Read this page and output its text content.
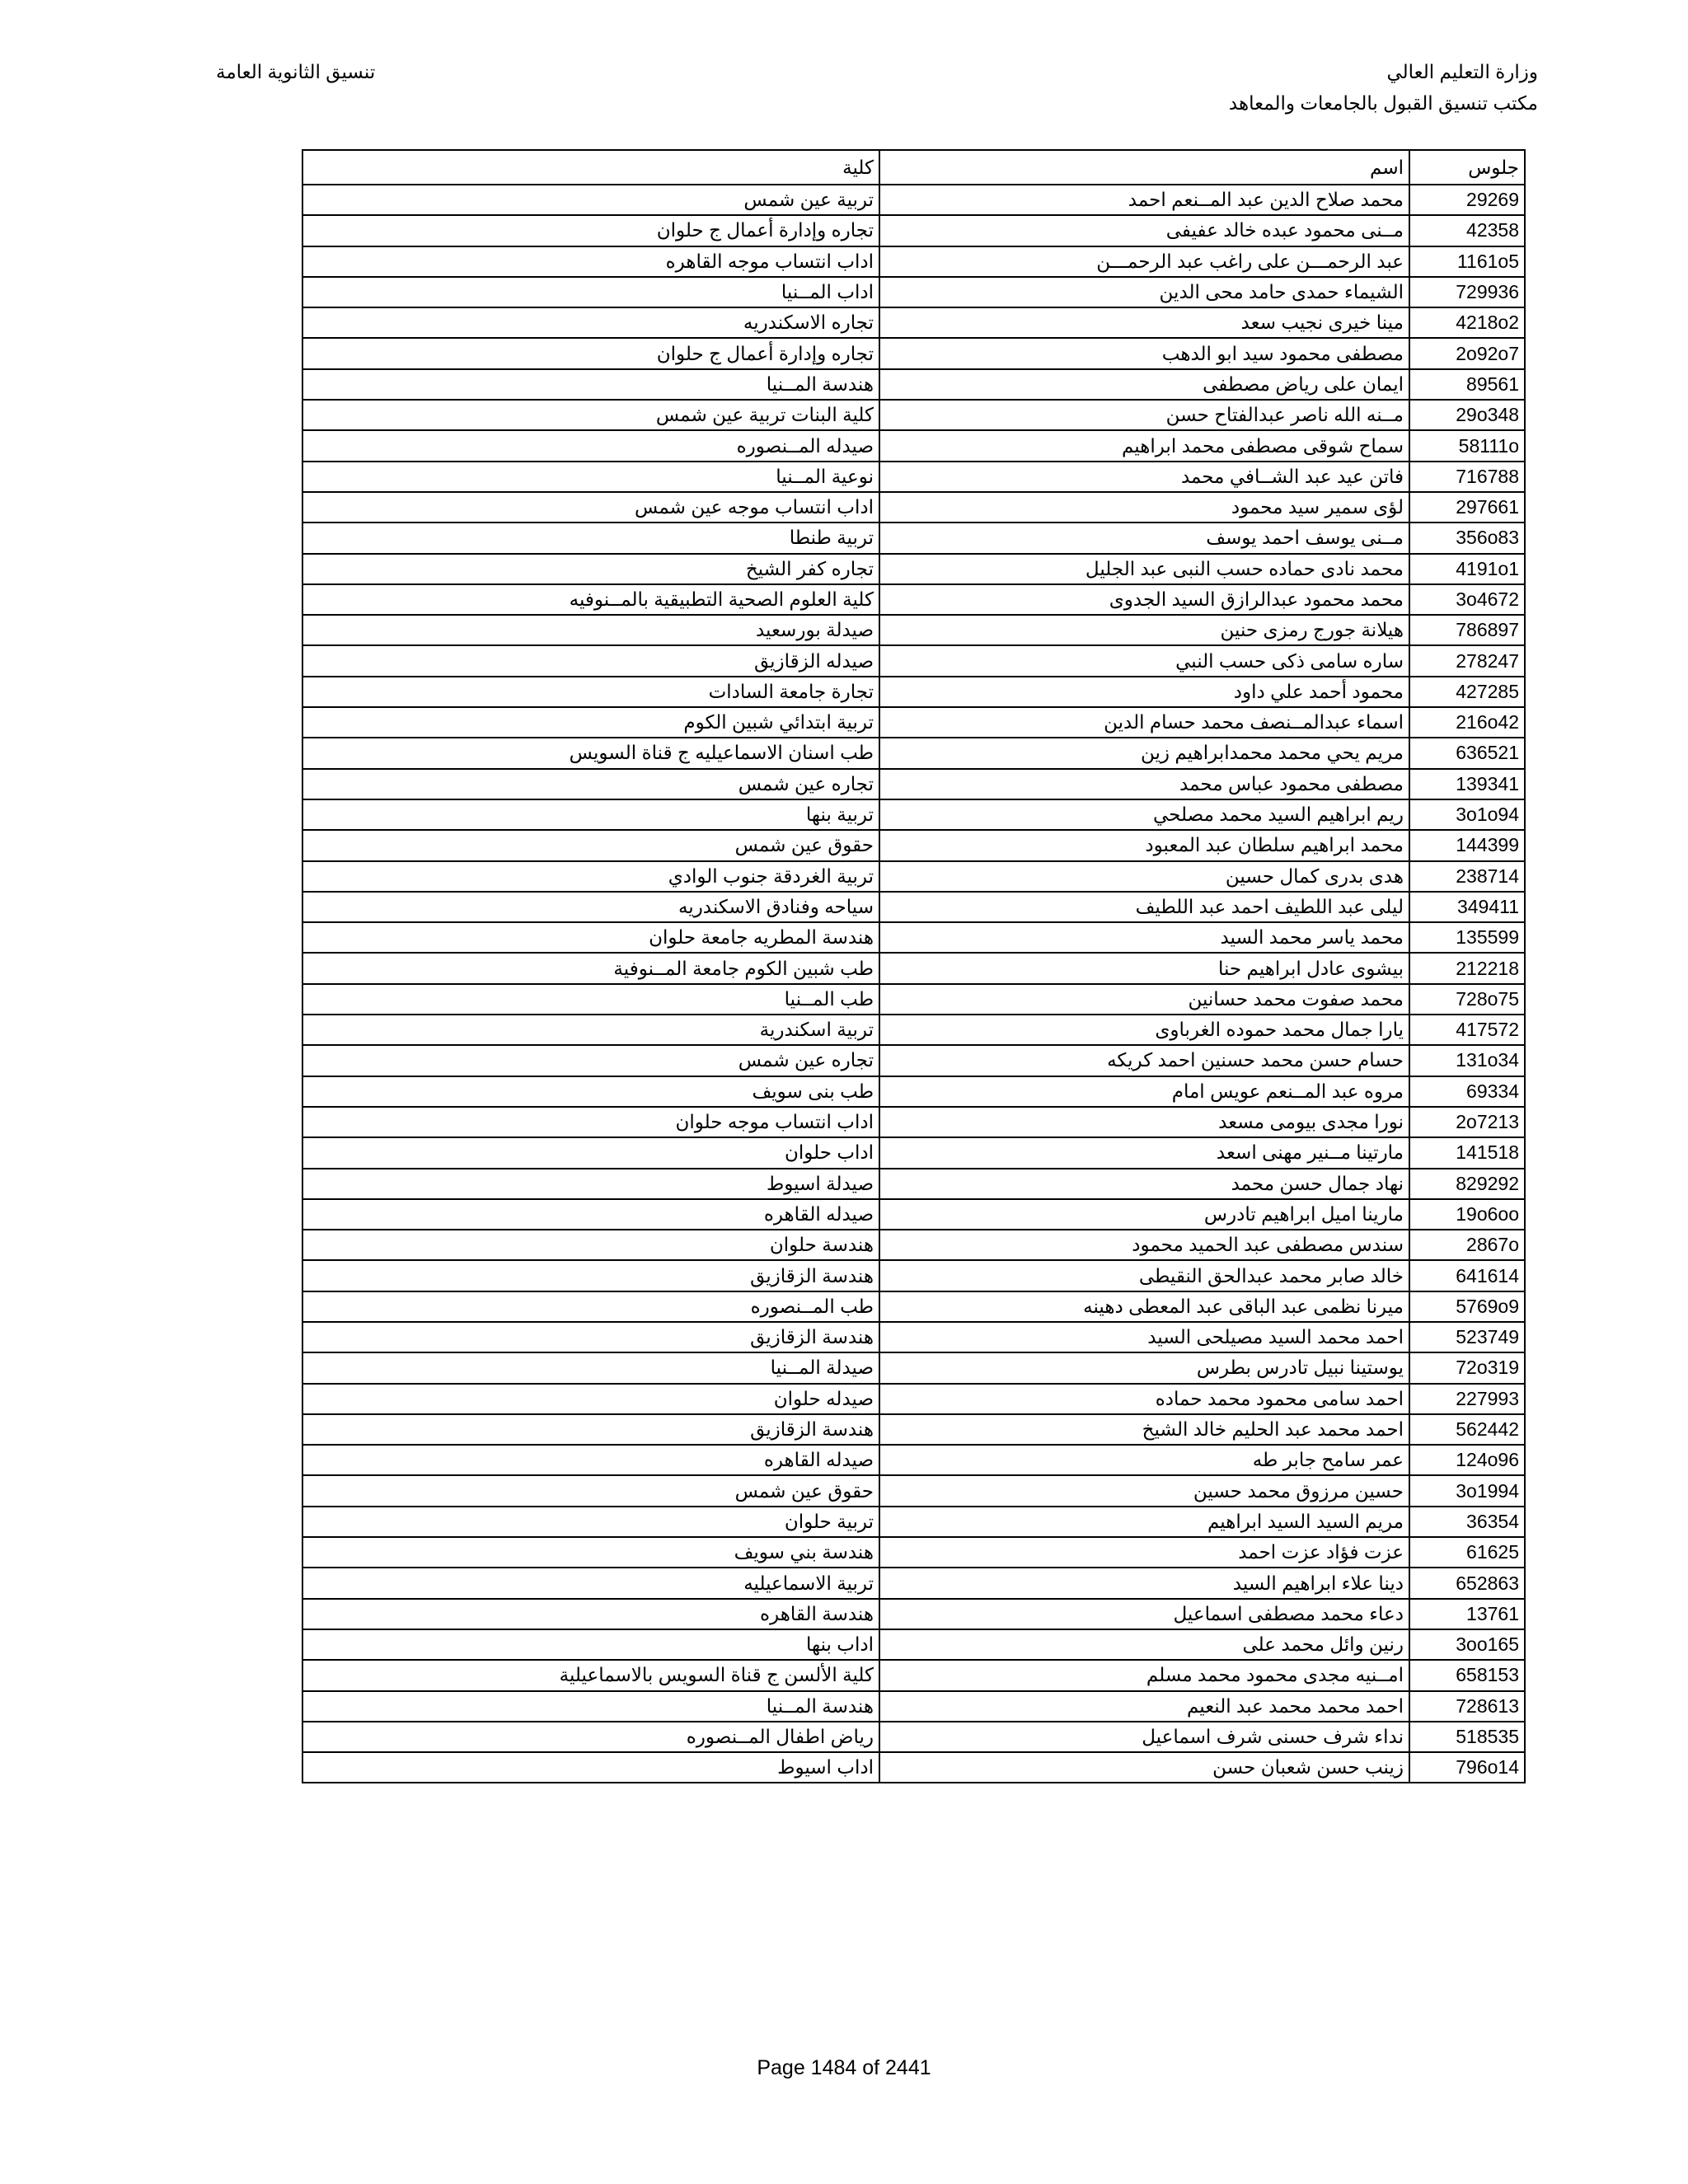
وزارة التعليم العالي
مكتب تنسيق القبول بالجامعات والمعاهد
تنسيق الثانوية العامة
جلوس	اسم	كلية
29269	محمد صلاح الدين عبد المــنعم احمد	تربية عين شمس
42358	مــنى محمود عبده خالد عفيفى	تجاره وإدارة أعمال ج حلوان
1161o5	عبد الرحمـــن على راغب عبد الرحمـــن	اداب انتساب موجه القاهره
729936	الشيماء حمدى حامد محى الدين	اداب المــنيا
4218o2	مينا خيرى نجيب سعد	تجاره الاسكندريه
2o92o7	مصطفى محمود سيد ابو الدهب	تجاره وإدارة أعمال ج حلوان
89561	ايمان على رياض مصطفى	هندسة المــنيا
29o348	مــنه الله ناصر عبدالفتاح حسن	كلية البنات تربية عين شمس
58111o	سماح شوقى مصطفى محمد ابراهيم	صيدله المــنصوره
716788	فاتن عيد عبد الشــافي محمد	نوعية المــنيا
297661	لؤى سمير سيد محمود	اداب انتساب موجه عين شمس
356o83	مــنى يوسف احمد يوسف	تربية طنطا
4191o1	محمد نادى حماده حسب النبى عبد الجليل	تجاره كفر الشيخ
3o4672	محمد محمود عبدالرازق السيد الجدوى	كلية العلوم الصحية التطبيقية بالمــنوفيه
786897	هيلانة جورج رمزى حنين	صيدلة بورسعيد
278247	ساره سامى ذكى حسب النبي	صيدله الزقازيق
427285	محمود أحمد علي داود	تجارة جامعة السادات
216o42	اسماء عبدالمــنصف محمد حسام الدين	تربية ابتدائي شبين الكوم
636521	مريم يحي محمد محمدابراهيم زين	طب اسنان الاسماعيليه ج قناة السويس
139341	مصطفى محمود عباس محمد	تجاره عين شمس
3o1o94	ريم ابراهيم السيد محمد مصلحي	تربية بنها
144399	محمد ابراهيم سلطان عبد المعبود	حقوق عين شمس
238714	هدى بدرى كمال حسين	تربية الغردقة جنوب الوادي
349411	ليلى عبد اللطيف احمد عبد اللطيف	سياحه وفنادق الاسكندريه
135599	محمد ياسر محمد السيد	هندسة المطريه جامعة حلوان
212218	بيشوى عادل ابراهيم حنا	طب شبين الكوم جامعة المــنوفية
728o75	محمد صفوت محمد حسانين	طب المــنيا
417572	يارا جمال محمد حموده الغرباوى	تربية اسكندرية
131o34	حسام حسن محمد حسنين احمد كريكه	تجاره عين شمس
69334	مروه عبد المــنعم عويس امام	طب بنى سويف
2o7213	نورا مجدى بيومى مسعد	اداب انتساب موجه حلوان
141518	مارتينا مــنير مهنى اسعد	اداب حلوان
829292	نهاد جمال حسن محمد	صيدلة اسيوط
19o6oo	مارينا اميل ابراهيم تادرس	صيدله القاهره
2867o	سندس مصطفى عبد الحميد محمود	هندسة حلوان
641614	خالد صابر محمد عبدالحق النقيطى	هندسة الزقازيق
5769o9	ميرنا نظمى عبد الباقى عبد المعطى دهينه	طب المــنصوره
523749	احمد محمد السيد مصيلحى السيد	هندسة الزقازيق
72o319	يوستينا نبيل تادرس بطرس	صيدلة المــنيا
227993	احمد سامى محمود محمد حماده	صيدله حلوان
562442	احمد محمد عبد الحليم خالد الشيخ	هندسة الزقازيق
124o96	عمر سامح جابر طه	صيدله القاهره
3o1994	حسين مرزوق محمد حسين	حقوق عين شمس
36354	مريم السيد السيد ابراهيم	تربية حلوان
61625	عزت فؤاد عزت احمد	هندسة بني سويف
652863	دينا علاء ابراهيم السيد	تربية الاسماعيليه
13761	دعاء محمد مصطفى اسماعيل	هندسة القاهره
3oo165	رنين وائل محمد على	اداب بنها
658153	امــنيه مجدى محمود محمد مسلم	كلية الألسن ج قناة السويس بالاسماعيلية
728613	احمد محمد محمد عبد النعيم	هندسة المــنيا
518535	نداء شرف حسنى شرف اسماعيل	رياض اطفال المــنصوره
796o14	زينب حسن شعبان حسن	اداب اسيوط
Page 1484 of 2441
